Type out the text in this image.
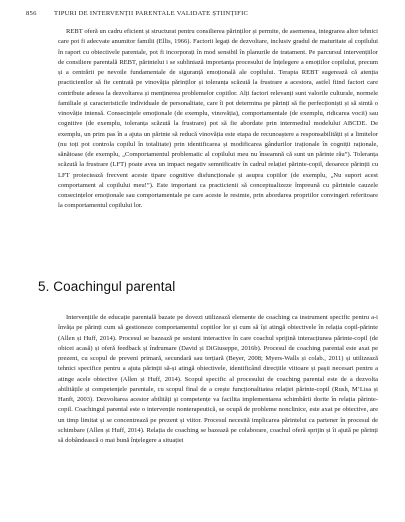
856	TIPURI DE INTERVENȚII PARENTALE VALIDATE ȘTIINȚIFIC

REBT oferă un cadru eficient și structurat pentru consilierea părinților și permite, de asemenea, integrarea altor tehnici care pot fi adecvate anumitor familii (Ellis, 1966). Factorii legați de dezvoltare, inclusiv gradul de maturitate al copilului în raport cu obiectivele parentale, pot fi incorporați în mod sensibil în planurile de tratament. Pe parcursul intervențiilor de consiliere parentală REBT, părintelui i se subliniază importanța procesului de înțelegere a emoțiilor copilului, precum și a centrării pe nevoile fundamentale de siguranță emoțională ale copilului. Terapia REBT sugerează că atenția practicienilor să fie centrată pe vinovăția părinților și toleranța scăzută la frustrare a acestora, astfel fiind factori care contribuie adesea la dezvoltarea și menținerea problemelor copiilor. Alți factori relevanți sunt valorile culturale, normele familiale și caracteristicile individuale de personalitate, care îi pot determina pe părinți să fie perfecționiști și să simtă o vinovăție intensă. Consecințele emoționale (de exemplu, vinovăția), comportamentale (de exemplu, ridicarea vocii) sau cognitive (de exemplu, toleranța scăzută la frustrare) pot să fie abordate prin intermediul modelului ABCDE. De exemplu, un prim pas în a ajuta un părinte să reducă vinovăția este etapa de recunoaștere a responsabilității și a limitelor (nu toți pot controla copilul în totalitate) prin identificarea și modificarea gândurilor iraționale în cogniții raționale, sănătoase (de exemplu, „Comportamentul problematic al copilului meu nu înseamnă că sunt un părinte rău”). Toleranța scăzută la frustrare (LFT) poate avea un impact negativ semnificativ în cadrul relației părinte-copil, deoarece părinții cu LFT proiectează frecvent aceste tipare cognitive disfuncționale și asupra copiilor (de exemplu, „Nu suport acest comportament al copilului meu!”). Este important ca practicienii să conceptualizeze împreună cu părintele cauzele consecințelor emoționale sau comportamentale pe care aceste le resimte, prin abordarea propriilor convingeri referitoare la comportamentul copilului lor.

5. Coachingul parental

Intervențiile de educație parentală bazate pe dovezi utilizează elemente de coaching ca instrument specific pentru a-i învăța pe părinți cum să gestioneze comportamentul copiilor lor și cum să își atingă obiectivele în relația copil-părinte (Allen și Huff, 2014). Procesul se bazează pe sesiuni interactive în care coachul sprijină interacțiunea părinte-copil (de obicei acasă) și oferă feedback și îndrumare (David și DiGiuseppe, 2016b). Procesul de coaching parental este axat pe prezent, cu scopul de preveni primară, secundară sau terțiară (Beyer, 2008; Myers-Walls și colab., 2011) și utilizează tehnici specifice pentru a ajuta părinții să-și atingă obiectivele, identificând direcțiile viitoare și pașii necesari pentru a atinge acele obiective (Allen și Huff, 2014). Scopul specific al procesului de coaching parental este de a dezvolta abilitățile și competențele parentale, cu scopul final de a crește funcționalitatea relației părinte-copil (Rush, M’Lisa și Hanft, 2003). Dezvoltarea acestor abilități și competențe va facilita implementarea schimbării dorite în relația părinte-copil. Coachingul parental este o intervenție nonterapeutică, se ocupă de probleme nonclinice, este axat pe obiective, are un timp limitat și se concentrează pe prezent și viitor. Procesul necesită implicarea părintelui ca partener în procesul de schimbare (Allen și Huff, 2014). Relația de coaching se bazează pe colaborare, coachul oferă sprijin și îi ajută pe părinți să dobândească o mai bună înțelegere a situației
